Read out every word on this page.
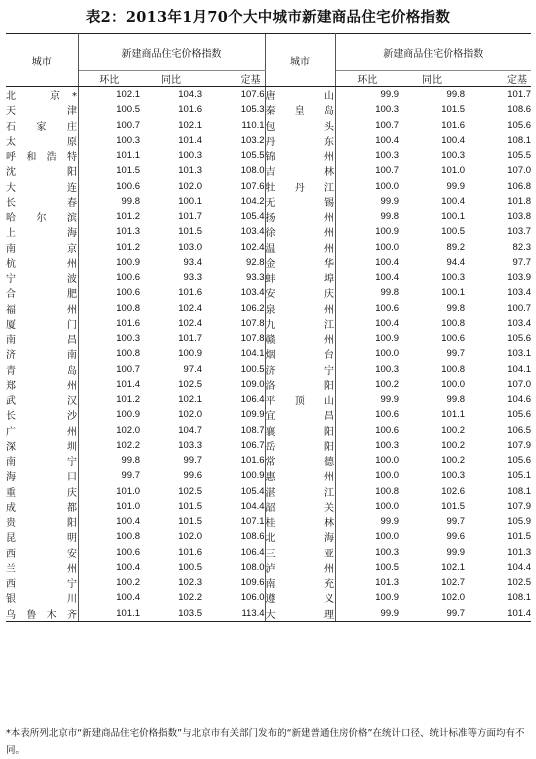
表2：2013年1月70个大中城市新建商品住宅价格指数
城市	新建商品住宅价格指数			城市	新建商品住宅价格指数		
	环比	同比	定基		环比	同比	定基
北　京*	102.1	104.3	107.6	唐　山	99.9	99.8	101.7
天　津	100.5	101.6	105.3	秦皇岛	100.3	101.5	108.6
石家庄	100.7	102.1	110.1	包　头	100.7	101.6	105.6
太　原	100.3	101.4	103.2	丹　东	100.4	100.4	108.1
呼和浩特	101.1	100.3	105.5	锦　州	100.3	100.3	105.5
沈　阳	101.5	101.3	108.0	吉　林	100.7	101.0	107.0
大　连	100.6	102.0	107.6	牡丹江	100.0	99.9	106.8
长　春	99.8	100.1	104.2	无　锡	99.9	100.4	101.8
哈尔滨	101.2	101.7	105.4	扬　州	99.8	100.1	103.8
上　海	101.3	101.5	103.4	徐　州	100.9	100.5	103.7
南　京	101.2	103.0	102.4	温　州	100.0	89.2	82.3
杭　州	100.9	93.4	92.8	金　华	100.4	94.4	97.7
宁　波	100.6	93.3	93.3	蚌　埠	100.4	100.3	103.9
合　肥	100.6	101.6	103.4	安　庆	99.8	100.1	103.4
福　州	100.8	102.4	106.2	泉　州	100.6	99.8	100.7
厦　门	101.6	102.4	107.8	九　江	100.4	100.8	103.4
南　昌	100.3	101.7	107.8	赣　州	100.9	100.6	105.6
济　南	100.8	100.9	104.1	烟　台	100.0	99.7	103.1
青　岛	100.7	97.4	100.5	济　宁	100.3	100.8	104.1
郑　州	101.4	102.5	109.0	洛　阳	100.2	100.0	107.0
武　汉	101.2	102.1	106.4	平顶山	99.9	99.8	104.6
长　沙	100.9	102.0	109.9	宜　昌	100.6	101.1	105.6
广　州	102.0	104.7	108.7	襄　阳	100.6	100.2	106.5
深　圳	102.2	103.3	106.7	岳　阳	100.3	100.2	107.9
南　宁	99.8	99.7	101.6	常　德	100.0	100.2	105.6
海　口	99.7	99.6	100.9	惠　州	100.0	100.3	105.1
重　庆	101.0	102.5	105.4	湛　江	100.8	102.6	108.1
成　都	101.0	101.5	104.4	韶　关	100.0	101.5	107.9
贵　阳	100.4	101.5	107.1	桂　林	99.9	99.7	105.9
昆　明	100.8	102.0	108.6	北　海	100.0	99.6	101.5
西　安	100.6	101.6	106.4	三　亚	100.3	99.9	101.3
兰　州	100.4	100.5	108.0	泸　州	100.5	102.1	104.4
西　宁	100.2	102.3	109.6	南　充	101.3	102.7	102.5
银　川	100.4	102.2	106.0	遵　义	100.9	102.0	108.1
乌鲁木齐	101.1	103.5	113.4	大　理	99.9	99.7	101.4
*本表所列北京市“新建商品住宅价格指数”与北京市有关部门发布的“新建普通住房价格”在统计口径、统计标准等方面均有不同。
